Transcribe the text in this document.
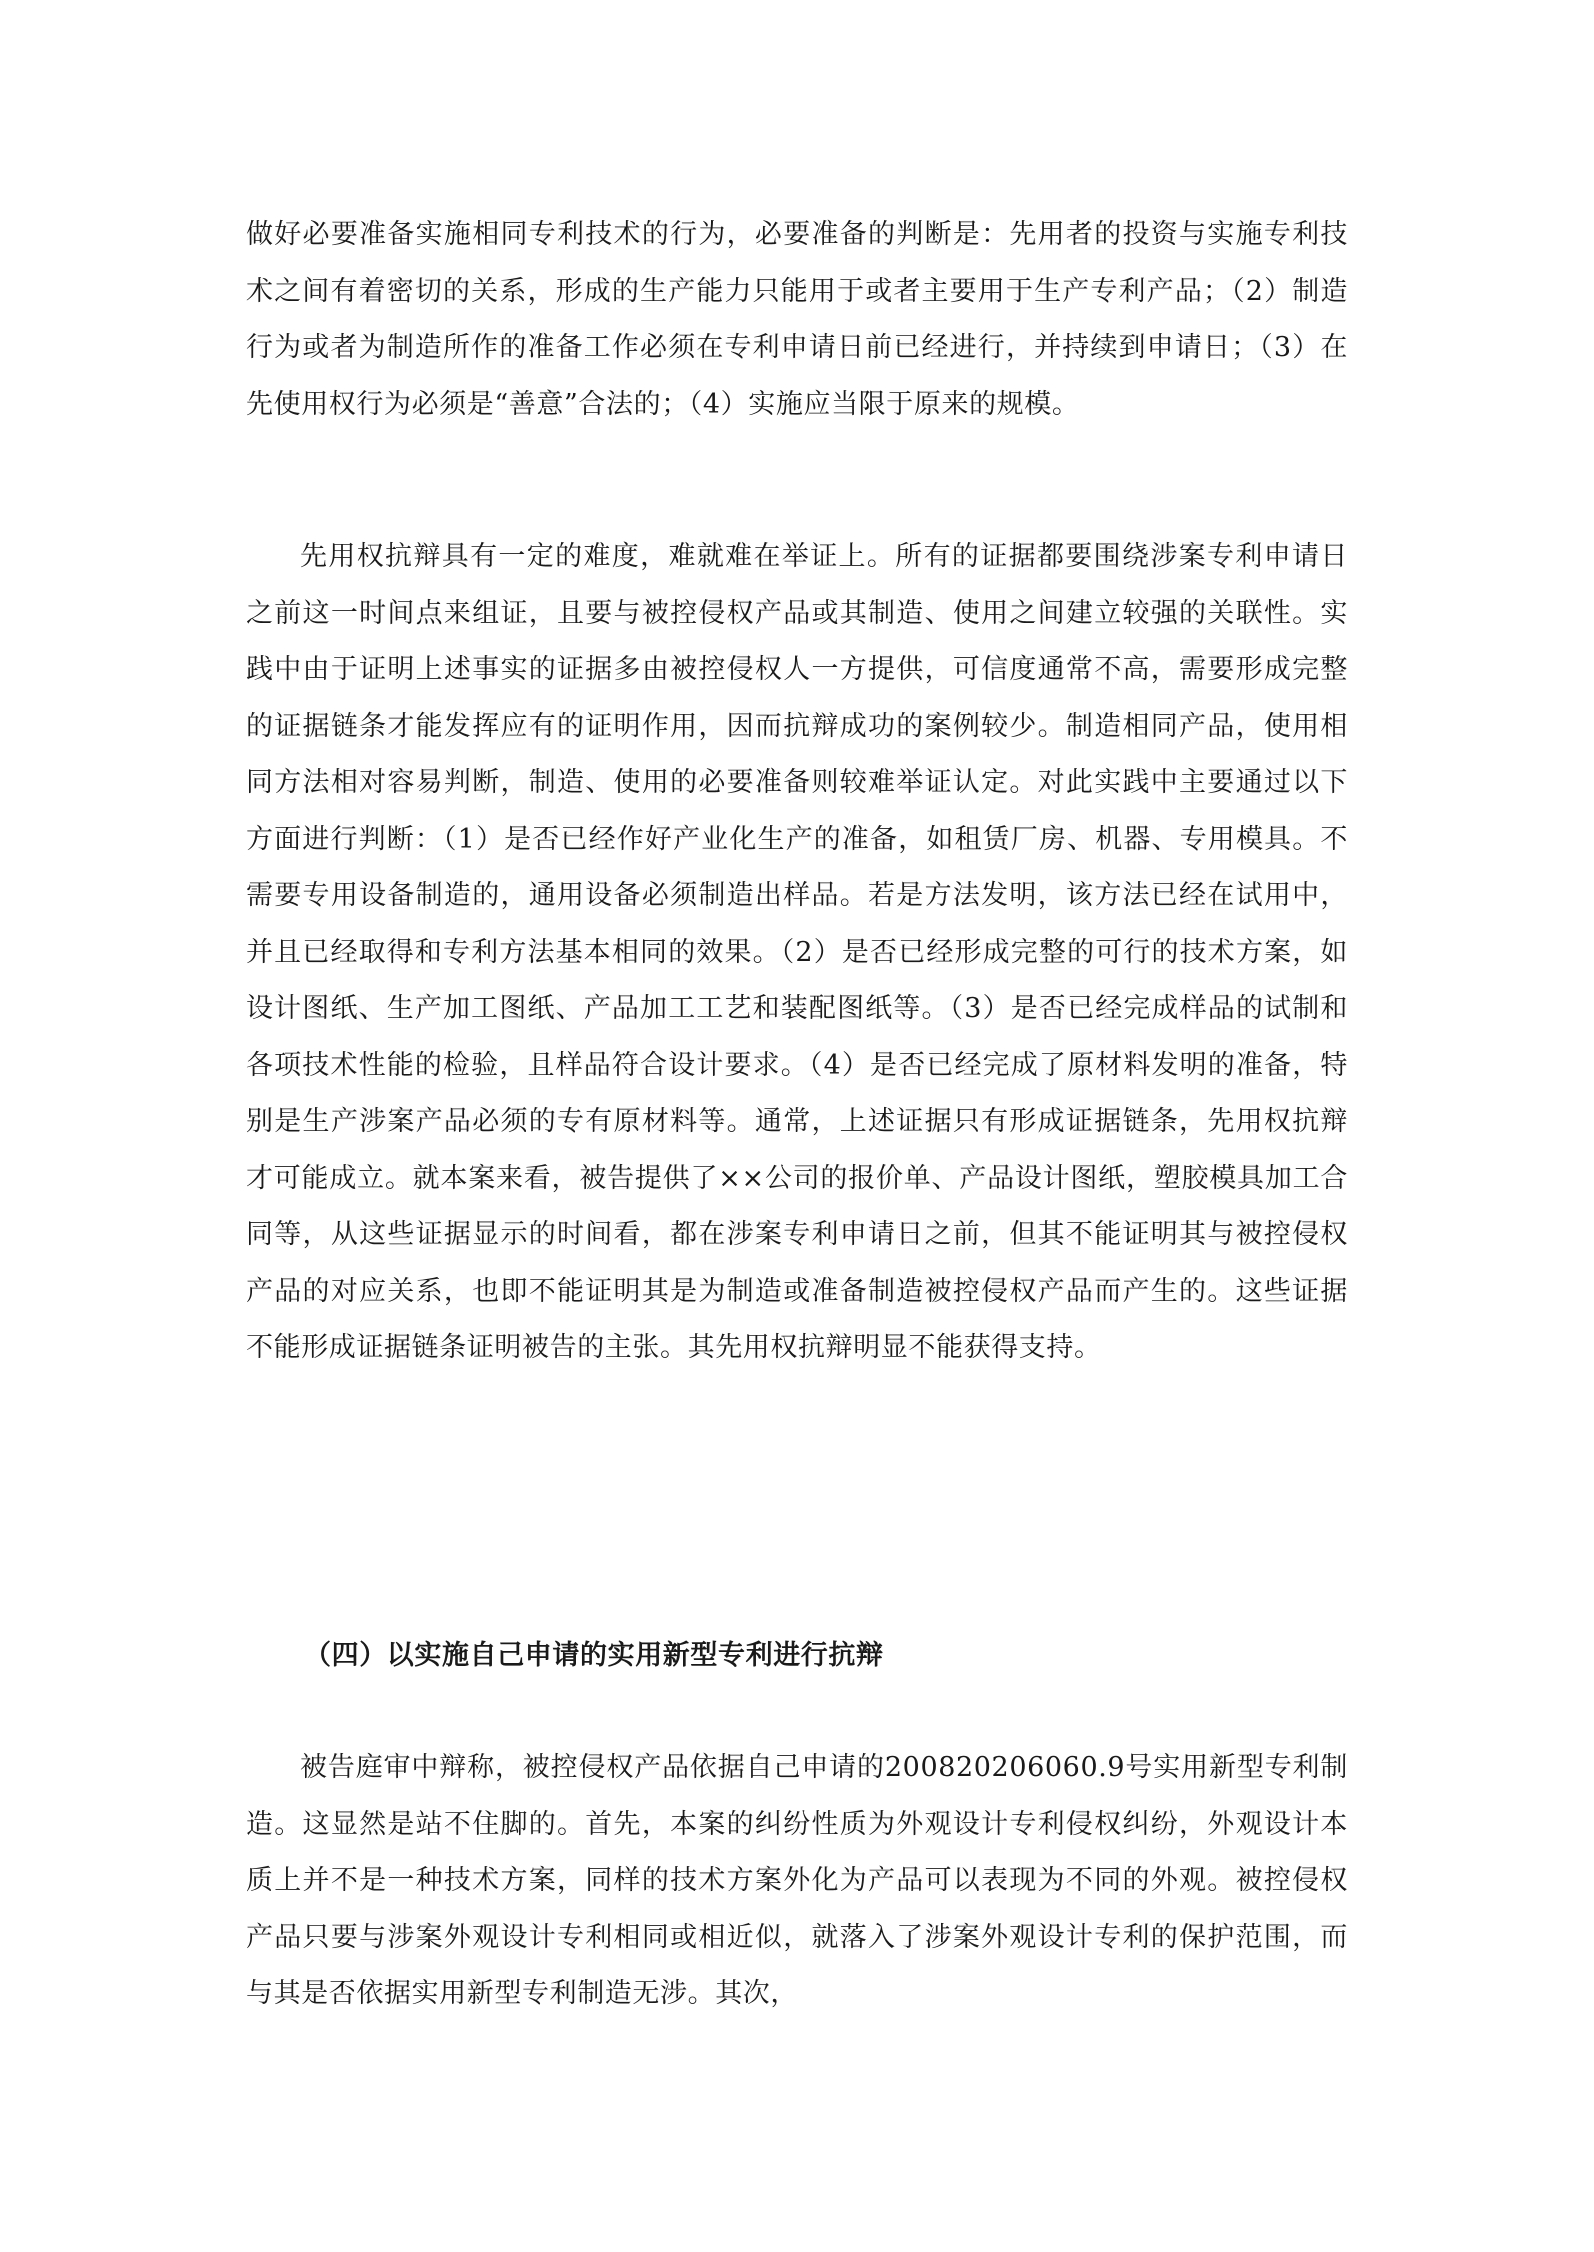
做好必要准备实施相同专利技术的行为，必要准备的判断是：先用者的投资与实施专利技术之间有着密切的关系，形成的生产能力只能用于或者主要用于生产专利产品；（2）制造行为或者为制造所作的准备工作必须在专利申请日前已经进行，并持续到申请日；（3）在先使用权行为必须是“善意”合法的；（4）实施应当限于原来的规模。

先用权抗辩具有一定的难度，难就难在举证上。所有的证据都要围绕涉案专利申请日之前这一时间点来组证，且要与被控侵权产品或其制造、使用之间建立较强的关联性。实践中由于证明上述事实的证据多由被控侵权人一方提供，可信度通常不高，需要形成完整的证据链条才能发挥应有的证明作用，因而抗辩成功的案例较少。制造相同产品，使用相同方法相对容易判断，制造、使用的必要准备则较难举证认定。对此实践中主要通过以下方面进行判断：（1）是否已经作好产业化生产的准备，如租赁厂房、机器、专用模具。不需要专用设备制造的，通用设备必须制造出样品。若是方法发明，该方法已经在试用中，并且已经取得和专利方法基本相同的效果。（2）是否已经形成完整的可行的技术方案，如设计图纸、生产加工图纸、产品加工工艺和装配图纸等。（3）是否已经完成样品的试制和各项技术性能的检验，且样品符合设计要求。（4）是否已经完成了原材料发明的准备，特别是生产涉案产品必须的专有原材料等。通常，上述证据只有形成证据链条，先用权抗辩才可能成立。就本案来看，被告提供了××公司的报价单、产品设计图纸，塑胶模具加工合同等，从这些证据显示的时间看，都在涉案专利申请日之前，但其不能证明其与被控侵权产品的对应关系，也即不能证明其是为制造或准备制造被控侵权产品而产生的。这些证据不能形成证据链条证明被告的主张。其先用权抗辩明显不能获得支持。

（四）以实施自己申请的实用新型专利进行抗辩

被告庭审中辩称，被控侵权产品依据自己申请的200820206060.9号实用新型专利制造。这显然是站不住脚的。首先，本案的纠纷性质为外观设计专利侵权纠纷，外观设计本质上并不是一种技术方案，同样的技术方案外化为产品可以表现为不同的外观。被控侵权产品只要与涉案外观设计专利相同或相近似，就落入了涉案外观设计专利的保护范围，而与其是否依据实用新型专利制造无涉。其次，
